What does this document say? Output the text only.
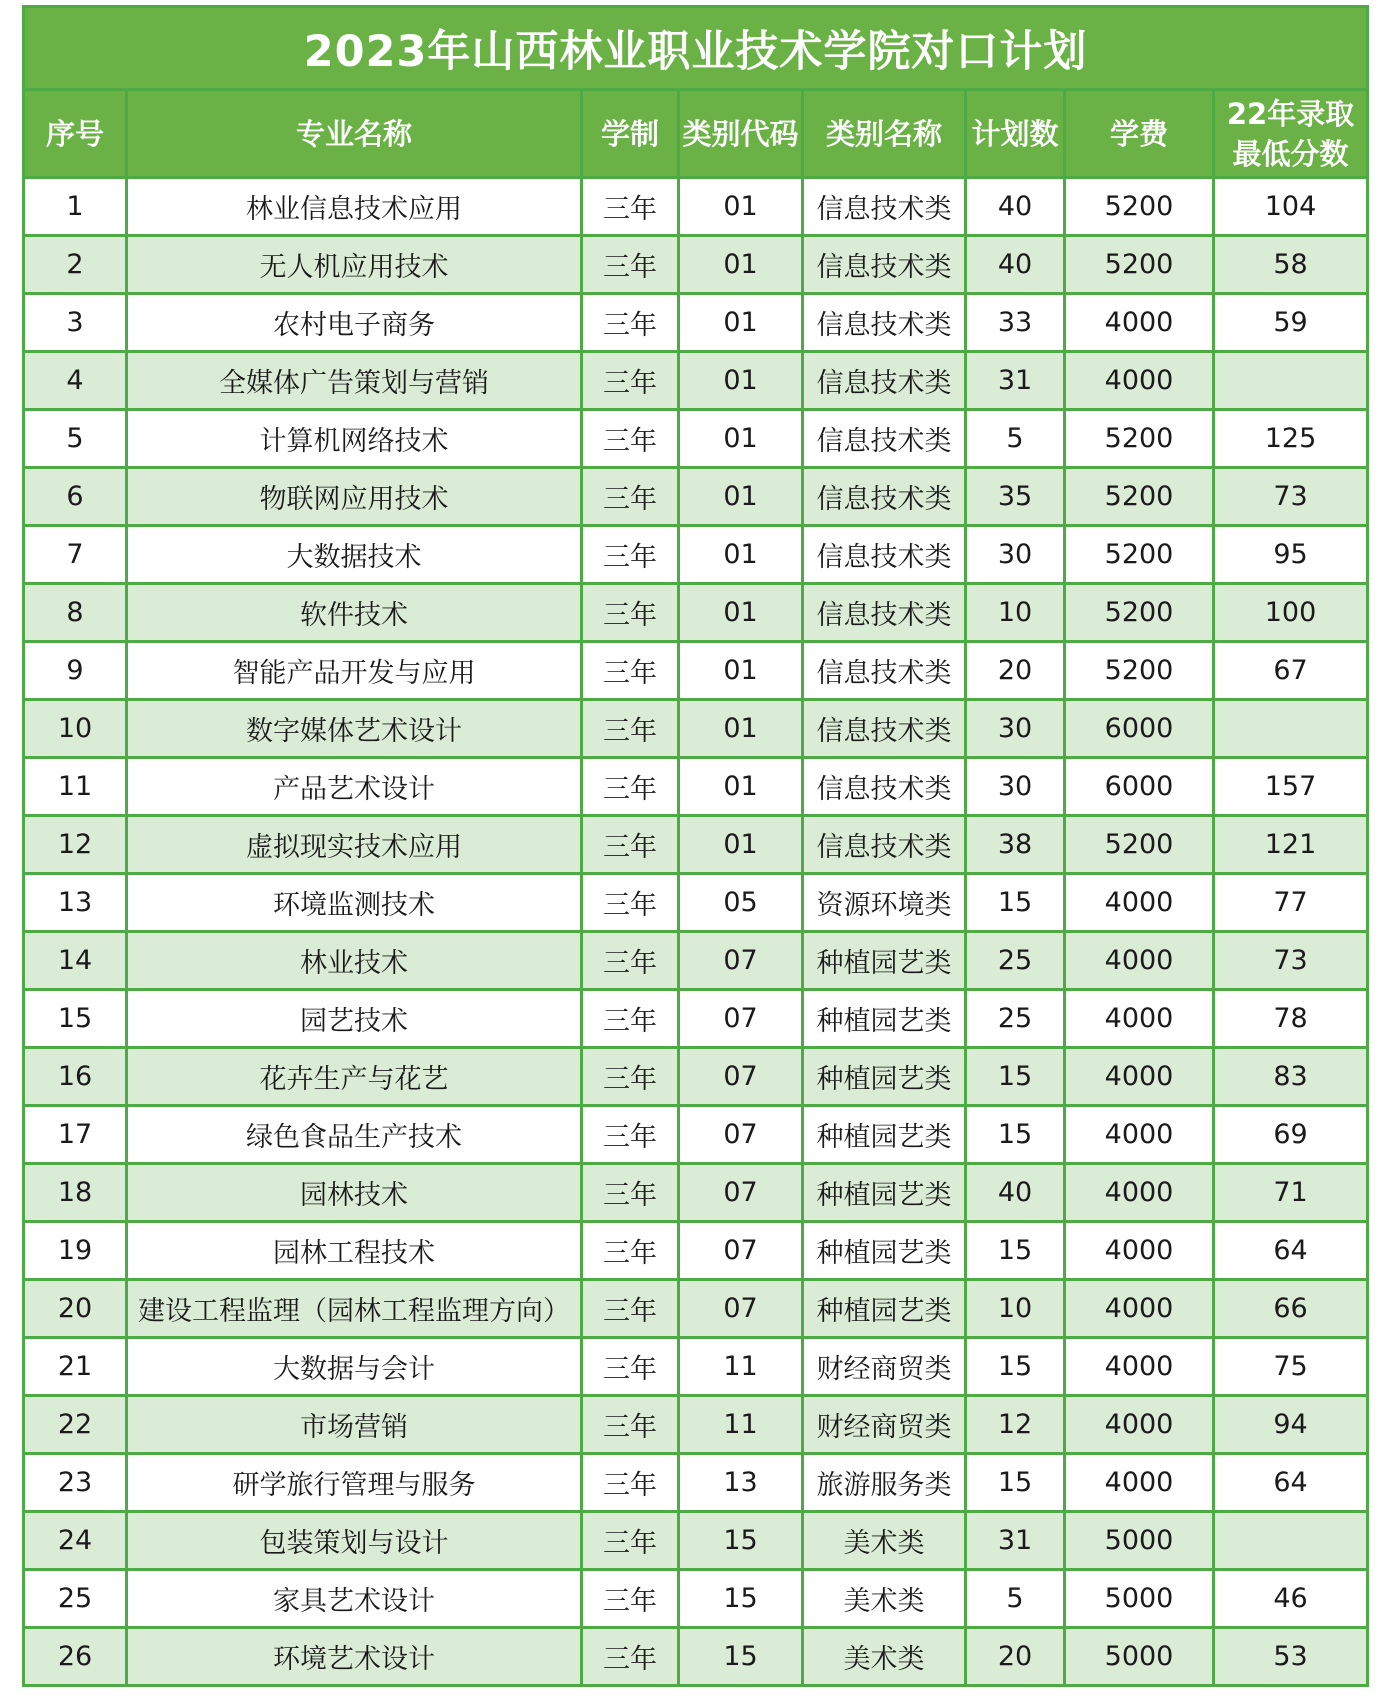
2023年山西林业职业技术学院对口计划							
序号	专业名称	学制	类别代码	类别名称	计划数	学费	22年录取最低分数
1	林业信息技术应用	三年	01	信息技术类	40	5200	104
2	无人机应用技术	三年	01	信息技术类	40	5200	58
3	农村电子商务	三年	01	信息技术类	33	4000	59
4	全媒体广告策划与营销	三年	01	信息技术类	31	4000	
5	计算机网络技术	三年	01	信息技术类	5	5200	125
6	物联网应用技术	三年	01	信息技术类	35	5200	73
7	大数据技术	三年	01	信息技术类	30	5200	95
8	软件技术	三年	01	信息技术类	10	5200	100
9	智能产品开发与应用	三年	01	信息技术类	20	5200	67
10	数字媒体艺术设计	三年	01	信息技术类	30	6000	
11	产品艺术设计	三年	01	信息技术类	30	6000	157
12	虚拟现实技术应用	三年	01	信息技术类	38	5200	121
13	环境监测技术	三年	05	资源环境类	15	4000	77
14	林业技术	三年	07	种植园艺类	25	4000	73
15	园艺技术	三年	07	种植园艺类	25	4000	78
16	花卉生产与花艺	三年	07	种植园艺类	15	4000	83
17	绿色食品生产技术	三年	07	种植园艺类	15	4000	69
18	园林技术	三年	07	种植园艺类	40	4000	71
19	园林工程技术	三年	07	种植园艺类	15	4000	64
20	建设工程监理（园林工程监理方向）	三年	07	种植园艺类	10	4000	66
21	大数据与会计	三年	11	财经商贸类	15	4000	75
22	市场营销	三年	11	财经商贸类	12	4000	94
23	研学旅行管理与服务	三年	13	旅游服务类	15	4000	64
24	包装策划与设计	三年	15	美术类	31	5000	
25	家具艺术设计	三年	15	美术类	5	5000	46
26	环境艺术设计	三年	15	美术类	20	5000	53
